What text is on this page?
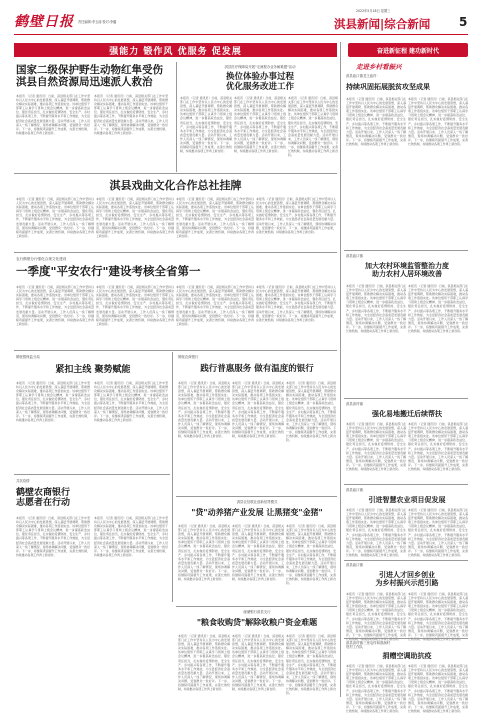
鹤壁日报 责任编辑:李玉丽 校对:李璐
2022年5月18日 星期三
淇县新闻|综合新闻 5
强能力 锻作风 优服务 促发展
国家二级保护野生动物红隼受伤
淇县自然资源局迅速派人救治
本报讯 （记者 通讯员）日前，淇县相关部门在工作中坚持以人民为中心的发展思想，深入基层开展调研，帮助群众解决实际困难，推动各项工作落到实处。该单位组织干部职工认真学习贯彻上级会议精神，进一步提高政治站位，强化责任担当，扎实做好疫情防控、安全生产、乡村振兴等各项工作，不断提升服务水平和工作效能，为全县经济社会高质量发展贡献力量。活动开展以来，工作人员深入一线了解情况，现场协调解决问题，受到群众一致好评。下一步，将继续巩固提升工作成果，完善长效机制，持续推动各项工作再上新台阶。
本报讯 （记者 通讯员）日前，淇县相关部门在工作中坚持以人民为中心的发展思想，深入基层开展调研，帮助群众解决实际困难，推动各项工作落到实处。该单位组织干部职工认真学习贯彻上级会议精神，进一步提高政治站位，强化责任担当，扎实做好疫情防控、安全生产、乡村振兴等各项工作，不断提升服务水平和工作效能，为全县经济社会高质量发展贡献力量。活动开展以来，工作人员深入一线了解情况，现场协调解决问题，受到群众一致好评。下一步，将继续巩固提升工作成果，完善长效机制，持续推动各项工作再上新台阶。
淇县医疗保障局开展"走流程办业务解难题"活动
换位体验办事过程
优化服务改进工作
本报讯 （记者 通讯员）日前，淇县相关部门在工作中坚持以人民为中心的发展思想，深入基层开展调研，帮助群众解决实际困难，推动各项工作落到实处。该单位组织干部职工认真学习贯彻上级会议精神，进一步提高政治站位，强化责任担当，扎实做好疫情防控、安全生产、乡村振兴等各项工作，不断提升服务水平和工作效能，为全县经济社会高质量发展贡献力量。活动开展以来，工作人员深入一线了解情况，现场协调解决问题，受到群众一致好评。下一步，将继续巩固提升工作成果，完善长效机制，持续推动各项工作再上新台阶。
本报讯 （记者 通讯员）日前，淇县相关部门在工作中坚持以人民为中心的发展思想，深入基层开展调研，帮助群众解决实际困难，推动各项工作落到实处。该单位组织干部职工认真学习贯彻上级会议精神，进一步提高政治站位，强化责任担当，扎实做好疫情防控、安全生产、乡村振兴等各项工作，不断提升服务水平和工作效能，为全县经济社会高质量发展贡献力量。活动开展以来，工作人员深入一线了解情况，现场协调解决问题，受到群众一致好评。下一步，将继续巩固提升工作成果，完善长效机制，持续推动各项工作再上新台阶。
本报讯 （记者 通讯员）日前，淇县相关部门在工作中坚持以人民为中心的发展思想，深入基层开展调研，帮助群众解决实际困难，推动各项工作落到实处。该单位组织干部职工认真学习贯彻上级会议精神，进一步提高政治站位，强化责任担当，扎实做好疫情防控、安全生产、乡村振兴等各项工作，不断提升服务水平和工作效能，为全县经济社会高质量发展贡献力量。活动开展以来，工作人员深入一线了解情况，现场协调解决问题，受到群众一致好评。下一步，将继续巩固提升工作成果，完善长效机制，持续推动各项工作再上新台阶。
淇县戏曲文化合作总社挂牌
本报讯 （记者 通讯员）日前，淇县相关部门在工作中坚持以人民为中心的发展思想，深入基层开展调研，帮助群众解决实际困难，推动各项工作落到实处。该单位组织干部职工认真学习贯彻上级会议精神，进一步提高政治站位，强化责任担当，扎实做好疫情防控、安全生产、乡村振兴等各项工作，不断提升服务水平和工作效能，为全县经济社会高质量发展贡献力量。活动开展以来，工作人员深入一线了解情况，现场协调解决问题，受到群众一致好评。下一步，将继续巩固提升工作成果，完善长效机制，持续推动各项工作再上新台阶。
本报讯 （记者 通讯员）日前，淇县相关部门在工作中坚持以人民为中心的发展思想，深入基层开展调研，帮助群众解决实际困难，推动各项工作落到实处。该单位组织干部职工认真学习贯彻上级会议精神，进一步提高政治站位，强化责任担当，扎实做好疫情防控、安全生产、乡村振兴等各项工作，不断提升服务水平和工作效能，为全县经济社会高质量发展贡献力量。活动开展以来，工作人员深入一线了解情况，现场协调解决问题，受到群众一致好评。下一步，将继续巩固提升工作成果，完善长效机制，持续推动各项工作再上新台阶。
本报讯 （记者 通讯员）日前，淇县相关部门在工作中坚持以人民为中心的发展思想，深入基层开展调研，帮助群众解决实际困难，推动各项工作落到实处。该单位组织干部职工认真学习贯彻上级会议精神，进一步提高政治站位，强化责任担当，扎实做好疫情防控、安全生产、乡村振兴等各项工作，不断提升服务水平和工作效能，为全县经济社会高质量发展贡献力量。活动开展以来，工作人员深入一线了解情况，现场协调解决问题，受到群众一致好评。下一步，将继续巩固提升工作成果，完善长效机制，持续推动各项工作再上新台阶。
本报讯 （记者 通讯员）日前，淇县相关部门在工作中坚持以人民为中心的发展思想，深入基层开展调研，帮助群众解决实际困难，推动各项工作落到实处。该单位组织干部职工认真学习贯彻上级会议精神，进一步提高政治站位，强化责任担当，扎实做好疫情防控、安全生产、乡村振兴等各项工作，不断提升服务水平和工作效能，为全县经济社会高质量发展贡献力量。活动开展以来，工作人员深入一线了解情况，现场协调解决问题，受到群众一致好评。下一步，将继续巩固提升工作成果，完善长效机制，持续推动各项工作再上新台阶。
农行鹤壁分行强化合规文化建设
一季度"平安农行"建设考核全省第一
本报讯 （记者 通讯员）日前，淇县相关部门在工作中坚持以人民为中心的发展思想，深入基层开展调研，帮助群众解决实际困难，推动各项工作落到实处。该单位组织干部职工认真学习贯彻上级会议精神，进一步提高政治站位，强化责任担当，扎实做好疫情防控、安全生产、乡村振兴等各项工作，不断提升服务水平和工作效能，为全县经济社会高质量发展贡献力量。活动开展以来，工作人员深入一线了解情况，现场协调解决问题，受到群众一致好评。下一步，将继续巩固提升工作成果，完善长效机制，持续推动各项工作再上新台阶。
本报讯 （记者 通讯员）日前，淇县相关部门在工作中坚持以人民为中心的发展思想，深入基层开展调研，帮助群众解决实际困难，推动各项工作落到实处。该单位组织干部职工认真学习贯彻上级会议精神，进一步提高政治站位，强化责任担当，扎实做好疫情防控、安全生产、乡村振兴等各项工作，不断提升服务水平和工作效能，为全县经济社会高质量发展贡献力量。活动开展以来，工作人员深入一线了解情况，现场协调解决问题，受到群众一致好评。下一步，将继续巩固提升工作成果，完善长效机制，持续推动各项工作再上新台阶。
本报讯 （记者 通讯员）日前，淇县相关部门在工作中坚持以人民为中心的发展思想，深入基层开展调研，帮助群众解决实际困难，推动各项工作落到实处。该单位组织干部职工认真学习贯彻上级会议精神，进一步提高政治站位，强化责任担当，扎实做好疫情防控、安全生产、乡村振兴等各项工作，不断提升服务水平和工作效能，为全县经济社会高质量发展贡献力量。活动开展以来，工作人员深入一线了解情况，现场协调解决问题，受到群众一致好评。下一步，将继续巩固提升工作成果，完善长效机制，持续推动各项工作再上新台阶。
本报讯 （记者 通讯员）日前，淇县相关部门在工作中坚持以人民为中心的发展思想，深入基层开展调研，帮助群众解决实际困难，推动各项工作落到实处。该单位组织干部职工认真学习贯彻上级会议精神，进一步提高政治站位，强化责任担当，扎实做好疫情防控、安全生产、乡村振兴等各项工作，不断提升服务水平和工作效能，为全县经济社会高质量发展贡献力量。活动开展以来，工作人员深入一线了解情况，现场协调解决问题，受到群众一致好评。下一步，将继续巩固提升工作成果，完善长效机制，持续推动各项工作再上新台阶。
鹤壁银保监分局
紧扣主线 聚势赋能
本报讯 （记者 通讯员）日前，淇县相关部门在工作中坚持以人民为中心的发展思想，深入基层开展调研，帮助群众解决实际困难，推动各项工作落到实处。该单位组织干部职工认真学习贯彻上级会议精神，进一步提高政治站位，强化责任担当，扎实做好疫情防控、安全生产、乡村振兴等各项工作，不断提升服务水平和工作效能，为全县经济社会高质量发展贡献力量。活动开展以来，工作人员深入一线了解情况，现场协调解决问题，受到群众一致好评。下一步，将继续巩固提升工作成果，完善长效机制，持续推动各项工作再上新台阶。
本报讯 （记者 通讯员）日前，淇县相关部门在工作中坚持以人民为中心的发展思想，深入基层开展调研，帮助群众解决实际困难，推动各项工作落到实处。该单位组织干部职工认真学习贯彻上级会议精神，进一步提高政治站位，强化责任担当，扎实做好疫情防控、安全生产、乡村振兴等各项工作，不断提升服务水平和工作效能，为全县经济社会高质量发展贡献力量。活动开展以来，工作人员深入一线了解情况，现场协调解决问题，受到群众一致好评。下一步，将继续巩固提升工作成果，完善长效机制，持续推动各项工作再上新台阶。
鹤壁农商银行
践行普惠服务 做有温度的银行
本报讯 （记者 通讯员）日前，淇县相关部门在工作中坚持以人民为中心的发展思想，深入基层开展调研，帮助群众解决实际困难，推动各项工作落到实处。该单位组织干部职工认真学习贯彻上级会议精神，进一步提高政治站位，强化责任担当，扎实做好疫情防控、安全生产、乡村振兴等各项工作，不断提升服务水平和工作效能，为全县经济社会高质量发展贡献力量。活动开展以来，工作人员深入一线了解情况，现场协调解决问题，受到群众一致好评。下一步，将继续巩固提升工作成果，完善长效机制，持续推动各项工作再上新台阶。
本报讯 （记者 通讯员）日前，淇县相关部门在工作中坚持以人民为中心的发展思想，深入基层开展调研，帮助群众解决实际困难，推动各项工作落到实处。该单位组织干部职工认真学习贯彻上级会议精神，进一步提高政治站位，强化责任担当，扎实做好疫情防控、安全生产、乡村振兴等各项工作，不断提升服务水平和工作效能，为全县经济社会高质量发展贡献力量。活动开展以来，工作人员深入一线了解情况，现场协调解决问题，受到群众一致好评。下一步，将继续巩固提升工作成果，完善长效机制，持续推动各项工作再上新台阶。
本报讯 （记者 通讯员）日前，淇县相关部门在工作中坚持以人民为中心的发展思想，深入基层开展调研，帮助群众解决实际困难，推动各项工作落到实处。该单位组织干部职工认真学习贯彻上级会议精神，进一步提高政治站位，强化责任担当，扎实做好疫情防控、安全生产、乡村振兴等各项工作，不断提升服务水平和工作效能，为全县经济社会高质量发展贡献力量。活动开展以来，工作人员深入一线了解情况，现场协调解决问题，受到群众一致好评。下一步，将继续巩固提升工作成果，完善长效机制，持续推动各项工作再上新台阶。
共抗疫情
鹤壁农商银行
志愿者在行动
本报讯 （记者 通讯员）日前，淇县相关部门在工作中坚持以人民为中心的发展思想，深入基层开展调研，帮助群众解决实际困难，推动各项工作落到实处。该单位组织干部职工认真学习贯彻上级会议精神，进一步提高政治站位，强化责任担当，扎实做好疫情防控、安全生产、乡村振兴等各项工作，不断提升服务水平和工作效能，为全县经济社会高质量发展贡献力量。活动开展以来，工作人员深入一线了解情况，现场协调解决问题，受到群众一致好评。下一步，将继续巩固提升工作成果，完善长效机制，持续推动各项工作再上新台阶。
本报讯 （记者 通讯员）日前，淇县相关部门在工作中坚持以人民为中心的发展思想，深入基层开展调研，帮助群众解决实际困难，推动各项工作落到实处。该单位组织干部职工认真学习贯彻上级会议精神，进一步提高政治站位，强化责任担当，扎实做好疫情防控、安全生产、乡村振兴等各项工作，不断提升服务水平和工作效能，为全县经济社会高质量发展贡献力量。活动开展以来，工作人员深入一线了解情况，现场协调解决问题，受到群众一致好评。下一步，将继续巩固提升工作成果，完善长效机制，持续推动各项工作再上新台阶。
淇县农信联社创新信贷模式
"贷"动养猪产业发展 让黑猪变"金猪"
本报讯 （记者 通讯员）日前，淇县相关部门在工作中坚持以人民为中心的发展思想，深入基层开展调研，帮助群众解决实际困难，推动各项工作落到实处。该单位组织干部职工认真学习贯彻上级会议精神，进一步提高政治站位，强化责任担当，扎实做好疫情防控、安全生产、乡村振兴等各项工作，不断提升服务水平和工作效能，为全县经济社会高质量发展贡献力量。活动开展以来，工作人员深入一线了解情况，现场协调解决问题，受到群众一致好评。下一步，将继续巩固提升工作成果，完善长效机制，持续推动各项工作再上新台阶。
本报讯 （记者 通讯员）日前，淇县相关部门在工作中坚持以人民为中心的发展思想，深入基层开展调研，帮助群众解决实际困难，推动各项工作落到实处。该单位组织干部职工认真学习贯彻上级会议精神，进一步提高政治站位，强化责任担当，扎实做好疫情防控、安全生产、乡村振兴等各项工作，不断提升服务水平和工作效能，为全县经济社会高质量发展贡献力量。活动开展以来，工作人员深入一线了解情况，现场协调解决问题，受到群众一致好评。下一步，将继续巩固提升工作成果，完善长效机制，持续推动各项工作再上新台阶。
本报讯 （记者 通讯员）日前，淇县相关部门在工作中坚持以人民为中心的发展思想，深入基层开展调研，帮助群众解决实际困难，推动各项工作落到实处。该单位组织干部职工认真学习贯彻上级会议精神，进一步提高政治站位，强化责任担当，扎实做好疫情防控、安全生产、乡村振兴等各项工作，不断提升服务水平和工作效能，为全县经济社会高质量发展贡献力量。活动开展以来，工作人员深入一线了解情况，现场协调解决问题，受到群众一致好评。下一步，将继续巩固提升工作成果，完善长效机制，持续推动各项工作再上新台阶。
邮储银行淇县支行
"粮食收购贷"解除收粮户资金难题
本报讯 （记者 通讯员）日前，淇县相关部门在工作中坚持以人民为中心的发展思想，深入基层开展调研，帮助群众解决实际困难，推动各项工作落到实处。该单位组织干部职工认真学习贯彻上级会议精神，进一步提高政治站位，强化责任担当，扎实做好疫情防控、安全生产、乡村振兴等各项工作，不断提升服务水平和工作效能，为全县经济社会高质量发展贡献力量。活动开展以来，工作人员深入一线了解情况，现场协调解决问题，受到群众一致好评。下一步，将继续巩固提升工作成果，完善长效机制，持续推动各项工作再上新台阶。
本报讯 （记者 通讯员）日前，淇县相关部门在工作中坚持以人民为中心的发展思想，深入基层开展调研，帮助群众解决实际困难，推动各项工作落到实处。该单位组织干部职工认真学习贯彻上级会议精神，进一步提高政治站位，强化责任担当，扎实做好疫情防控、安全生产、乡村振兴等各项工作，不断提升服务水平和工作效能，为全县经济社会高质量发展贡献力量。活动开展以来，工作人员深入一线了解情况，现场协调解决问题，受到群众一致好评。下一步，将继续巩固提升工作成果，完善长效机制，持续推动各项工作再上新台阶。
本报讯 （记者 通讯员）日前，淇县相关部门在工作中坚持以人民为中心的发展思想，深入基层开展调研，帮助群众解决实际困难，推动各项工作落到实处。该单位组织干部职工认真学习贯彻上级会议精神，进一步提高政治站位，强化责任担当，扎实做好疫情防控、安全生产、乡村振兴等各项工作，不断提升服务水平和工作效能，为全县经济社会高质量发展贡献力量。活动开展以来，工作人员深入一线了解情况，现场协调解决问题，受到群众一致好评。下一步，将继续巩固提升工作成果，完善长效机制，持续推动各项工作再上新台阶。
奋进新征程 建功新时代
走进乡村看振兴
淇县庙口镇龙王庙村：
持续巩固拓展脱贫攻坚成果
本报讯 （记者 通讯员）日前，淇县相关部门在工作中坚持以人民为中心的发展思想，深入基层开展调研，帮助群众解决实际困难，推动各项工作落到实处。该单位组织干部职工认真学习贯彻上级会议精神，进一步提高政治站位，强化责任担当，扎实做好疫情防控、安全生产、乡村振兴等各项工作，不断提升服务水平和工作效能，为全县经济社会高质量发展贡献力量。活动开展以来，工作人员深入一线了解情况，现场协调解决问题，受到群众一致好评。下一步，将继续巩固提升工作成果，完善长效机制，持续推动各项工作再上新台阶。
本报讯 （记者 通讯员）日前，淇县相关部门在工作中坚持以人民为中心的发展思想，深入基层开展调研，帮助群众解决实际困难，推动各项工作落到实处。该单位组织干部职工认真学习贯彻上级会议精神，进一步提高政治站位，强化责任担当，扎实做好疫情防控、安全生产、乡村振兴等各项工作，不断提升服务水平和工作效能，为全县经济社会高质量发展贡献力量。活动开展以来，工作人员深入一线了解情况，现场协调解决问题，受到群众一致好评。下一步，将继续巩固提升工作成果，完善长效机制，持续推动各项工作再上新台阶。
淇县庙口镇
加大农村环境监管整治力度
助力农村人居环境改善
本报讯 （记者 通讯员）日前，淇县相关部门在工作中坚持以人民为中心的发展思想，深入基层开展调研，帮助群众解决实际困难，推动各项工作落到实处。该单位组织干部职工认真学习贯彻上级会议精神，进一步提高政治站位，强化责任担当，扎实做好疫情防控、安全生产、乡村振兴等各项工作，不断提升服务水平和工作效能，为全县经济社会高质量发展贡献力量。活动开展以来，工作人员深入一线了解情况，现场协调解决问题，受到群众一致好评。下一步，将继续巩固提升工作成果，完善长效机制，持续推动各项工作再上新台阶。
本报讯 （记者 通讯员）日前，淇县相关部门在工作中坚持以人民为中心的发展思想，深入基层开展调研，帮助群众解决实际困难，推动各项工作落到实处。该单位组织干部职工认真学习贯彻上级会议精神，进一步提高政治站位，强化责任担当，扎实做好疫情防控、安全生产、乡村振兴等各项工作，不断提升服务水平和工作效能，为全县经济社会高质量发展贡献力量。活动开展以来，工作人员深入一线了解情况，现场协调解决问题，受到群众一致好评。下一步，将继续巩固提升工作成果，完善长效机制，持续推动各项工作再上新台阶。
淇县高村镇
强化易地搬迁后续帮扶
本报讯 （记者 通讯员）日前，淇县相关部门在工作中坚持以人民为中心的发展思想，深入基层开展调研，帮助群众解决实际困难，推动各项工作落到实处。该单位组织干部职工认真学习贯彻上级会议精神，进一步提高政治站位，强化责任担当，扎实做好疫情防控、安全生产、乡村振兴等各项工作，不断提升服务水平和工作效能，为全县经济社会高质量发展贡献力量。活动开展以来，工作人员深入一线了解情况，现场协调解决问题，受到群众一致好评。下一步，将继续巩固提升工作成果，完善长效机制，持续推动各项工作再上新台阶。
本报讯 （记者 通讯员）日前，淇县相关部门在工作中坚持以人民为中心的发展思想，深入基层开展调研，帮助群众解决实际困难，推动各项工作落到实处。该单位组织干部职工认真学习贯彻上级会议精神，进一步提高政治站位，强化责任担当，扎实做好疫情防控、安全生产、乡村振兴等各项工作，不断提升服务水平和工作效能，为全县经济社会高质量发展贡献力量。活动开展以来，工作人员深入一线了解情况，现场协调解决问题，受到群众一致好评。下一步，将继续巩固提升工作成果，完善长效机制，持续推动各项工作再上新台阶。
淇县庙口镇
引进智慧农业项目促发展
本报讯 （记者 通讯员）日前，淇县相关部门在工作中坚持以人民为中心的发展思想，深入基层开展调研，帮助群众解决实际困难，推动各项工作落到实处。该单位组织干部职工认真学习贯彻上级会议精神，进一步提高政治站位，强化责任担当，扎实做好疫情防控、安全生产、乡村振兴等各项工作，不断提升服务水平和工作效能，为全县经济社会高质量发展贡献力量。活动开展以来，工作人员深入一线了解情况，现场协调解决问题，受到群众一致好评。下一步，将继续巩固提升工作成果，完善长效机制，持续推动各项工作再上新台阶。
本报讯 （记者 通讯员）日前，淇县相关部门在工作中坚持以人民为中心的发展思想，深入基层开展调研，帮助群众解决实际困难，推动各项工作落到实处。该单位组织干部职工认真学习贯彻上级会议精神，进一步提高政治站位，强化责任担当，扎实做好疫情防控、安全生产、乡村振兴等各项工作，不断提升服务水平和工作效能，为全县经济社会高质量发展贡献力量。活动开展以来，工作人员深入一线了解情况，现场协调解决问题，受到群众一致好评。下一步，将继续巩固提升工作成果，完善长效机制，持续推动各项工作再上新台阶。
淇县庙口镇
引进人才回乡创业
为乡村振兴示范引路
本报讯 （记者 通讯员）日前，淇县相关部门在工作中坚持以人民为中心的发展思想，深入基层开展调研，帮助群众解决实际困难，推动各项工作落到实处。该单位组织干部职工认真学习贯彻上级会议精神，进一步提高政治站位，强化责任担当，扎实做好疫情防控、安全生产、乡村振兴等各项工作，不断提升服务水平和工作效能，为全县经济社会高质量发展贡献力量。活动开展以来，工作人员深入一线了解情况，现场协调解决问题，受到群众一致好评。下一步，将继续巩固提升工作成果，完善长效机制，持续推动各项工作再上新台阶。
本报讯 （记者 通讯员）日前，淇县相关部门在工作中坚持以人民为中心的发展思想，深入基层开展调研，帮助群众解决实际困难，推动各项工作落到实处。该单位组织干部职工认真学习贯彻上级会议精神，进一步提高政治站位，强化责任担当，扎实做好疫情防控、安全生产、乡村振兴等各项工作，不断提升服务水平和工作效能，为全县经济社会高质量发展贡献力量。活动开展以来，工作人员深入一线了解情况，现场协调解决问题，受到群众一致好评。下一步，将继续巩固提升工作成果，完善长效机制，持续推动各项工作再上新台阶。
淇县高村镇三里屯村和淮涧村
驻村工作队
捐赠空调助抗疫
本报讯 （记者 通讯员）日前，淇县相关部门在工作中坚持以人民为中心的发展思想，深入基层开展调研，帮助群众解决实际困难，推动各项工作落到实处。该单位组织干部职工认真学习贯彻上级会议精神，进一步提高政治站位，强化责任担当，扎实做好疫情防控、安全生产、乡村振兴等各项工作，不断提升服务水平和工作效能，为全县经济社会高质量发展贡献力量。活动开展以来，工作人员深入一线了解情况，现场协调解决问题，受到群众一致好评。下一步，将继续巩固提升工作成果，完善长效机制，持续推动各项工作再上新台阶。
本报讯 （记者 通讯员）日前，淇县相关部门在工作中坚持以人民为中心的发展思想，深入基层开展调研，帮助群众解决实际困难，推动各项工作落到实处。该单位组织干部职工认真学习贯彻上级会议精神，进一步提高政治站位，强化责任担当，扎实做好疫情防控、安全生产、乡村振兴等各项工作，不断提升服务水平和工作效能，为全县经济社会高质量发展贡献力量。活动开展以来，工作人员深入一线了解情况，现场协调解决问题，受到群众一致好评。下一步，将继续巩固提升工作成果，完善长效机制，持续推动各项工作再上新台阶。
